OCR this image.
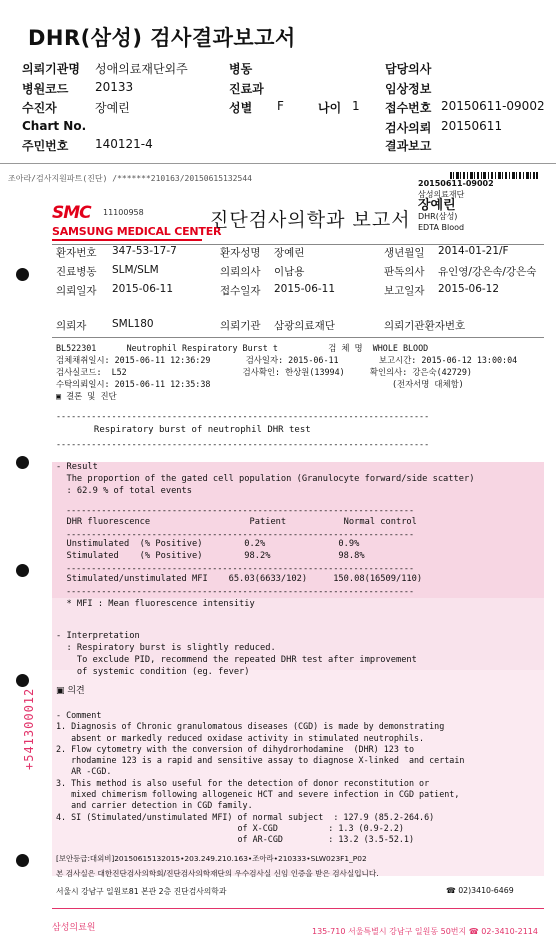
DHR(삼성) 검사결과보고서
의뢰기관명 성애의료재단외주	병동	담당의사
병원코드 20133	진료과	임상정보
수진자	장예린	성별 F	나이 1 접수번호 20150611-09002
Chart No.	검사의뢰 20150611
주민번호 140121-4	결과보고
조아라/검사지원파트(진단) /*******210163/20150615132544
20150611-09002
삼성의료재단
장예린
DHR(삼성)
EDTA Blood
SMC 11100958
SAMSUNG MEDICAL CENTER
진단검사의학과 보고서
환자번호 347-53-17-7	환자성명 장예린	생년월일 2014-01-21/F
진료병동 SLM/SLM	의뢰의사 이남용	판독의사 유인영/강은속/강은숙
의뢰일자 2015-06-11	접수일자 2015-06-11	보고일자 2015-06-12
의뢰자 SML180	의뢰기관 삼광의료재단	의뢰기관환자번호
BL522301      Neutrophil Respiratory Burst t          검 체 명  WHOLE BLOOD
검체채취일시: 2015-06-11 12:36:29       검사일자: 2015-06-11        보고시간: 2015-06-12 13:00:04
검사실코드:  L52                       검사확인: 한상원(13994)     확인의사: 강은숙(42729)
수탁의뢰일시: 2015-06-11 12:35:38                                    (전자서명 대체함)
▣ 결론 및 진단
--------------------------------------------------------------------------
Respiratory burst of neutrophil DHR test
--------------------------------------------------------------------------
- Result
The proportion of the gated cell population (Granulocyte forward/side scatter)
: 62.9 % of total events
---------------------------------------------------------------------
DHR fluorescence                   Patient           Normal control
---------------------------------------------------------------------
Unstimulated  (% Positive)        0.2%              0.9%
Stimulated    (% Positive)        98.2%             98.8%
---------------------------------------------------------------------
Stimulated/unstimulated MFI    65.03(6633/102)     150.08(16509/110)
---------------------------------------------------------------------
* MFI : Mean fluorescence intensitiy
- Interpretation
: Respiratory burst is slightly reduced.
To exclude PID, recommend the repeated DHR test after improvement
of systemic condition (eg. fever)
▣ 의견
- Comment
1. Diagnosis of Chronic granulomatous diseases (CGD) is made by demonstrating
absent or markedly reduced oxidase activity in stimulated neutrophils.
2. Flow cytometry with the conversion of dihydrorhodamine  (DHR) 123 to
rhodamine 123 is a rapid and sensitive assay to diagnose X-linked  and certain
AR -CGD.
3. This method is also useful for the detection of donor reconstitution or
mixed chimerism following allogeneic HCT and severe infection in CGD patient,
and carrier detection in CGD family.
4. SI (Stimulated/unstimulated MFI) of normal subject  : 127.9 (85.2-264.6)
of X-CGD          : 1.3 (0.9-2.2)
of AR-CGD         : 13.2 (3.5-52.1)
+541300012
[보안등급:대외비]20150615132015•203.249.210.163•조아라•210333•SLW023F1_P02
본 검사실은 대한진단검사의학회/진단검사의학재단의 우수검사실 신임 인증을 받은 검사실입니다.
서울시 강남구 일원로81 본관 2층 진단검사의학과	☎ 02)3410-6469
삼성의료원	135-710 서울특별시 강남구 일원동 50번지 ☎ 02-3410-2114
